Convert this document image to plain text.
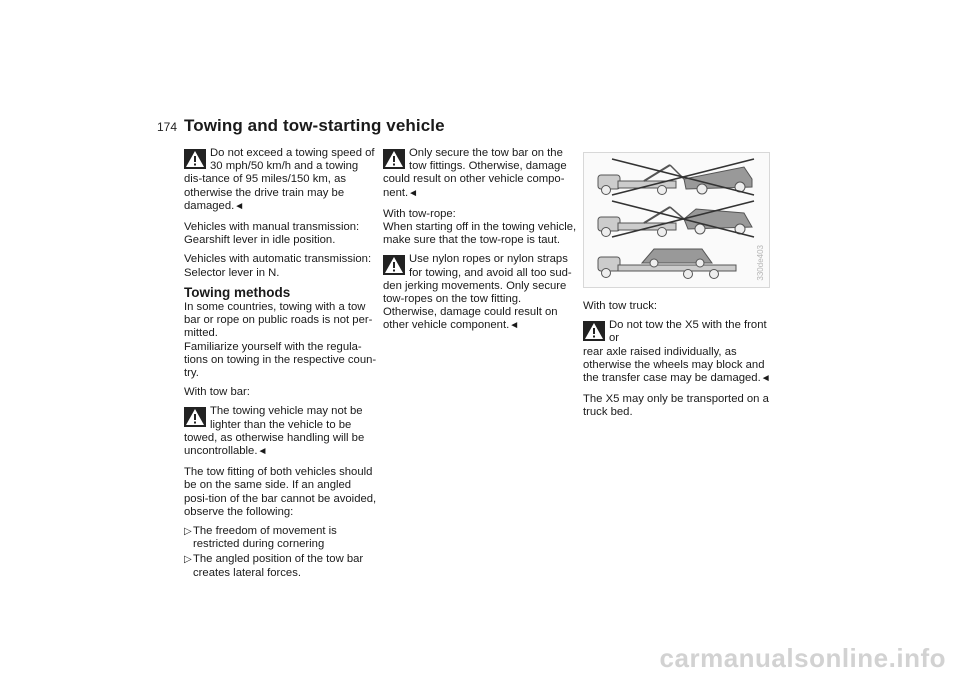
174 Towing and tow-starting vehicle
Do not exceed a towing speed of
30 mph/50 km/h and a towing dis-tance of 95 miles/150 km, as otherwise the drive train may be damaged.◄

Vehicles with manual transmission: Gearshift lever in idle position.

Vehicles with automatic transmission: Selector lever in N.

Towing methods

In some countries, towing with a tow bar or rope on public roads is not per-mitted.

Familiarize yourself with the regula-tions on towing in the respective coun-try.

With tow bar:

The towing vehicle may not be
lighter than the vehicle to be towed, as otherwise handling will be uncontrollable.◄

The tow fitting of both vehicles should be on the same side. If an angled posi-tion of the bar cannot be avoided, observe the following:

▷ The freedom of movement is restricted during cornering
▷ The angled position of the tow bar creates lateral forces.
Only secure the tow bar on the
tow fittings. Otherwise, damage could result on other vehicle compo-nent.◄

With tow-rope:

When starting off in the towing vehicle, make sure that the tow-rope is taut.

Use nylon ropes or nylon straps
for towing, and avoid all too sud-den jerking movements. Only secure tow-ropes on the tow fitting. Otherwise, damage could result on other vehicle component.◄
330de403

With tow truck:

Do not tow the X5 with the front or
rear axle raised individually, as otherwise the wheels may block and the transfer case may be damaged.◄

The X5 may only be transported on a truck bed.

carmanualsonline.info
